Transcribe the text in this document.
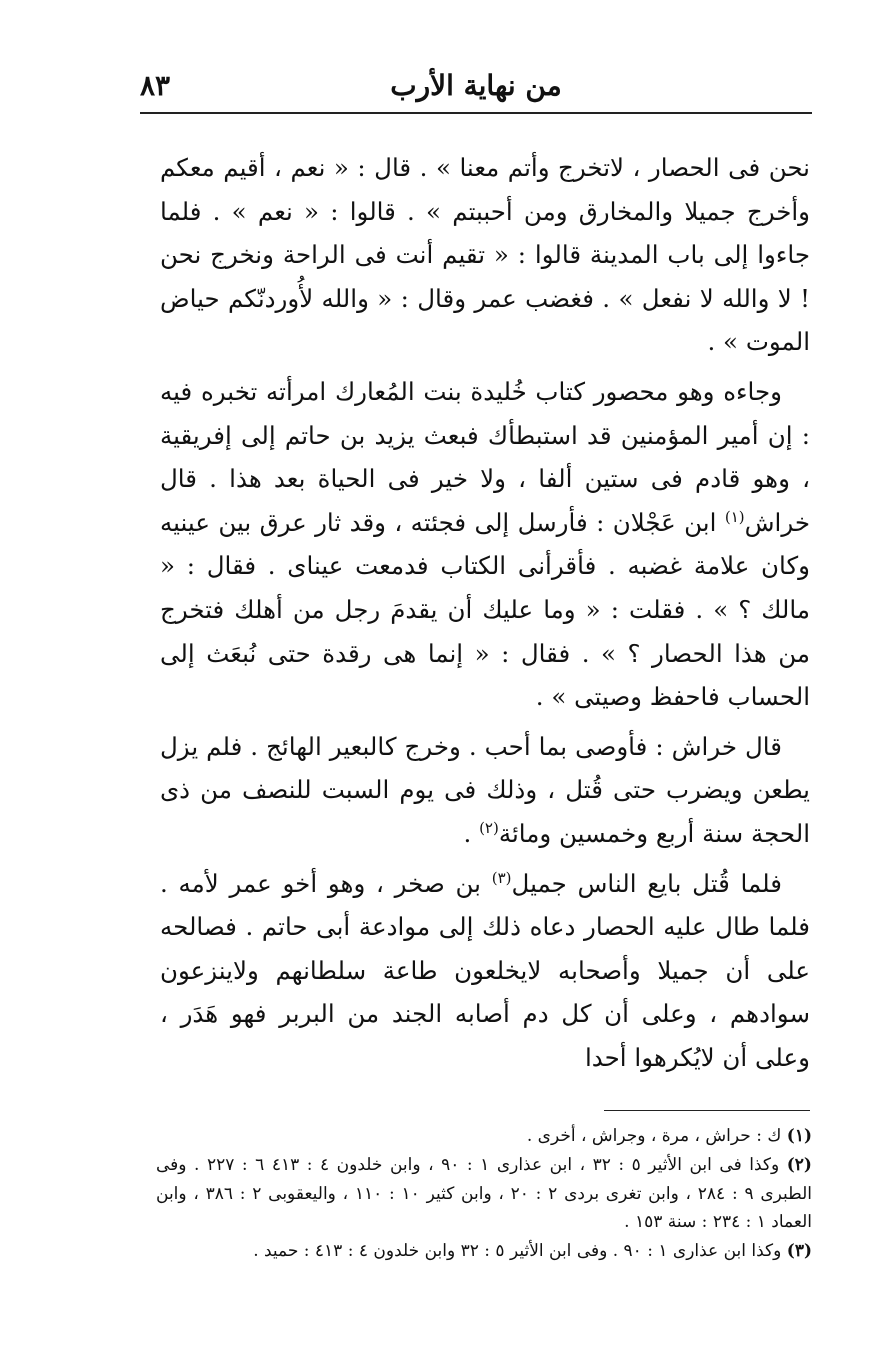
من نهاية الأرب
٨٣

نحن فى الحصار ، لاتخرج وأتم معنا » . قال : « نعم ، أقيم معكم وأخرج جميلا والمخارق ومن أحببتم » . قالوا : « نعم » . فلما جاءوا إلى باب المدينة قالوا : « تقيم أنت فى الراحة ونخرج نحن ! لا والله لا نفعل » . فغضب عمر وقال : « والله لأُوردنّكم حياض الموت » .

وجاءه وهو محصور كتاب خُليدة بنت المُعارك امرأته تخبره فيه : إن أمير المؤمنين قد استبطأك فبعث يزيد بن حاتم إلى إفريقية ، وهو قادم فى ستين ألفا ، ولا خير فى الحياة بعد هذا . قال خراش$^{(١)}$ ابن عَجْلان : فأرسل إلى فجئته ، وقد ثار عرق بين عينيه وكان علامة غضبه . فأقرأنى الكتاب فدمعت عيناى . فقال : « مالك ؟ » . فقلت : « وما عليك أن يقدمَ رجل من أهلك فتخرج من هذا الحصار ؟ » . فقال : « إنما هى رقدة حتى نُبعَث إلى الحساب فاحفظ وصيتى » .

قال خراش : فأوصى بما أحب . وخرج كالبعير الهائج . فلم يزل يطعن ويضرب حتى قُتل ، وذلك فى يوم السبت للنصف من ذى الحجة سنة أربع وخمسين ومائة$^{(٢)}$ .

فلما قُتل بايع الناس جميل$^{(٣)}$ بن صخر ، وهو أخو عمر لأمه . فلما طال عليه الحصار دعاه ذلك إلى موادعة أبى حاتم . فصالحه على أن جميلا وأصحابه لايخلعون طاعة سلطانهم ولاينزعون سوادهم ، وعلى أن كل دم أصابه الجند من البربر فهو هَدَر ، وعلى أن لايُكرهوا أحدا

(١) ك : حراش ، مرة ، وجراش ، أخرى .

(٢) وكذا فى ابن الأثير ٥ : ٣٢ ، ابن عذارى ١ : ٩٠ ، وابن خلدون ٤ : ٤١٣ ٦ : ٢٢٧ . وفى الطبرى ٩ : ٢٨٤ ، وابن تغرى بردى ٢ : ٢٠ ، وابن كثير ١٠ : ١١٠ ، واليعقوبى ٢ : ٣٨٦ ، وابن العماد ١ : ٢٣٤ : سنة ١٥٣ .

(٣) وكذا ابن عذارى ١ : ٩٠ . وفى ابن الأثير ٥ : ٣٢ وابن خلدون ٤ : ٤١٣ : حميد .
